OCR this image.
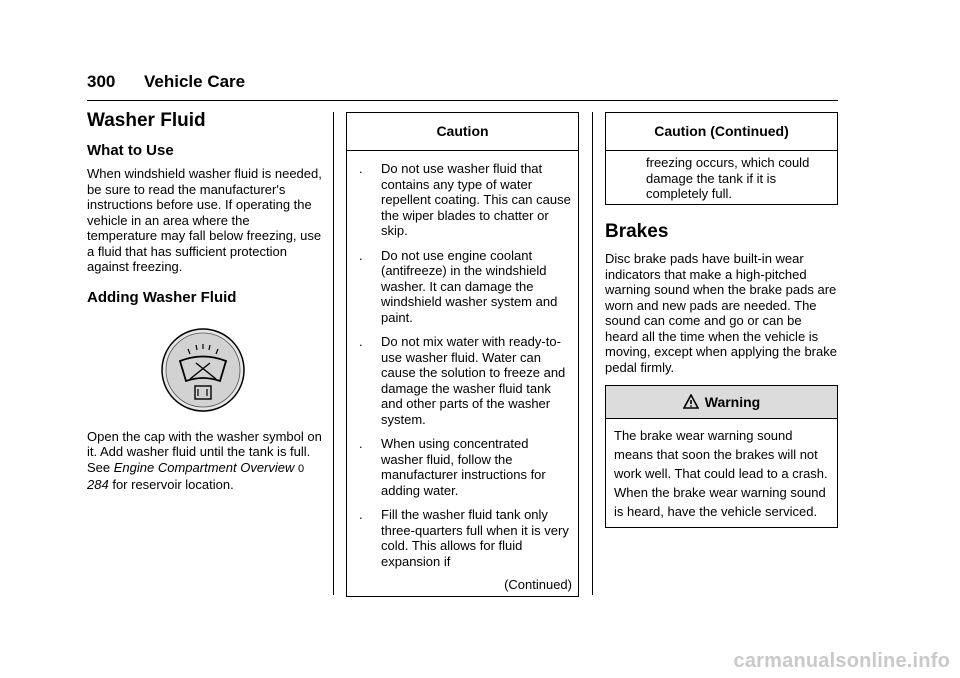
300 Vehicle Care
Washer Fluid
What to Use

When windshield washer fluid is needed, be sure to read the manufacturer's instructions before use. If operating the vehicle in an area where the temperature may fall below freezing, use a fluid that has sufficient protection against freezing.

Adding Washer Fluid

Open the cap with the washer symbol on it. Add washer fluid until the tank is full. See Engine Compartment Overview 0 284 for reservoir location.

Caution
. Do not use washer fluid that contains any type of water repellent coating. This can cause the wiper blades to chatter or skip.
. Do not use engine coolant (antifreeze) in the windshield washer. It can damage the windshield washer system and paint.
. Do not mix water with ready-to-use washer fluid. Water can cause the solution to freeze and damage the washer fluid tank and other parts of the washer system.
. When using concentrated washer fluid, follow the manufacturer instructions for adding water.
. Fill the washer fluid tank only three-quarters full when it is very cold. This allows for fluid expansion if
(Continued)
Caution (Continued)

freezing occurs, which could damage the tank if it is completely full.

Brakes

Disc brake pads have built-in wear indicators that make a high-pitched warning sound when the brake pads are worn and new pads are needed. The sound can come and go or can be heard all the time when the vehicle is moving, except when applying the brake pedal firmly.

Warning

The brake wear warning sound means that soon the brakes will not work well. That could lead to a crash. When the brake wear warning sound is heard, have the vehicle serviced.

carmanualsonline.info
